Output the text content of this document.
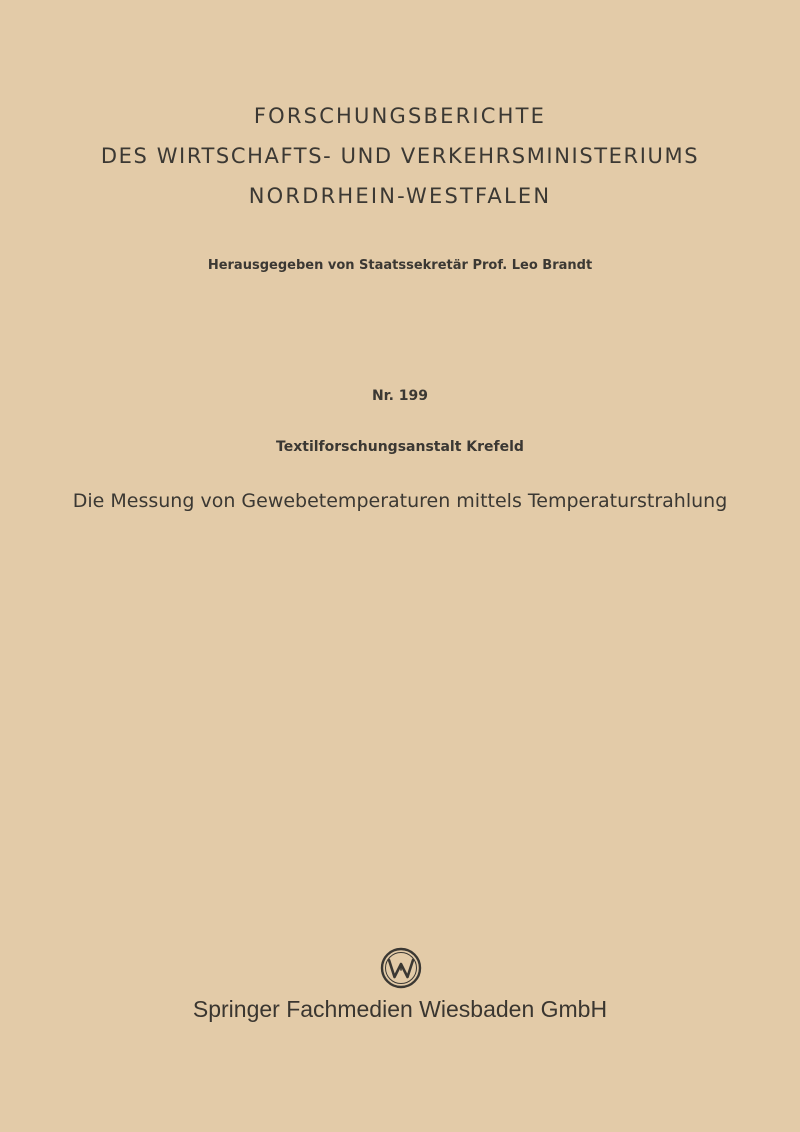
FORSCHUNGSBERICHTE
DES WIRTSCHAFTS- UND VERKEHRSMINISTERIUMS
NORDRHEIN-WESTFALEN
Herausgegeben von Staatssekretär Prof. Leo Brandt
Nr. 199
Textilforschungsanstalt Krefeld
Die Messung von Gewebetemperaturen mittels Temperaturstrahlung
Springer Fachmedien Wiesbaden GmbH
